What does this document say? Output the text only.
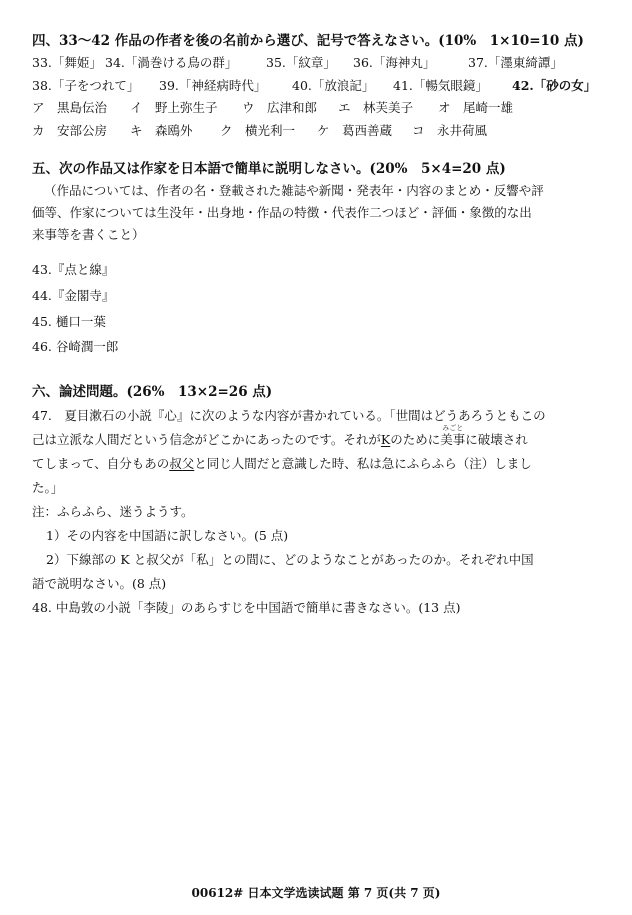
四、33～42 作品の作者を後の名前から選び、記号で答えなさい。(10%　1×10=10 点)
33.「舞姫」 34.「渦巻ける鳥の群」 35.「紋章」 36.「海神丸」	37.「濹東綺譚」
38.「子をつれて」 39.「神経病時代」 40.「放浪記」 41.「暢気眼鏡」 42.「砂の女」
ア　黒島伝治 イ　野上弥生子 ウ　広津和郎 エ　林芙美子 オ　尾崎一雄
カ　安部公房 キ　森鴎外 ク　横光利一 ケ　葛西善蔵 コ　永井荷風
五、次の作品又は作家を日本語で簡単に説明しなさい。(20%　5×4=20 点)
（作品については、作者の名・登載された雑誌や新聞・発表年・内容のまとめ・反響や評
価等、作家については生没年・出身地・作品の特徴・代表作二つほど・評価・象徴的な出
来事等を書くこと）
43.『点と線』
44.『金閣寺』
45. 樋口一葉
46. 谷崎潤一郎
六、論述問題。(26%　13×2=26 点)
47.　夏目漱石の小説『心』に次のような内容が書かれている。「世間はどうあろうともこの
己は立派な人間だという信念がどこかにあったのです。それがKのために
みごと
美事に破壊され
てしまって、自分もあの叔父と同じ人間だと意識した時、私は急にふらふら（注）しまし
た。」
注：ふらふら、迷うようす。
1）その内容を中国語に訳しなさい。(5 点)
2）下線部の K と叔父が「私」との間に、どのようなことがあったのか。それぞれ中国
語で説明なさい。(8 点)
48. 中島敦の小説「李陵」のあらすじを中国語で簡単に書きなさい。(13 点)
00612# 日本文学选读试题 第 7 页(共 7 页)
